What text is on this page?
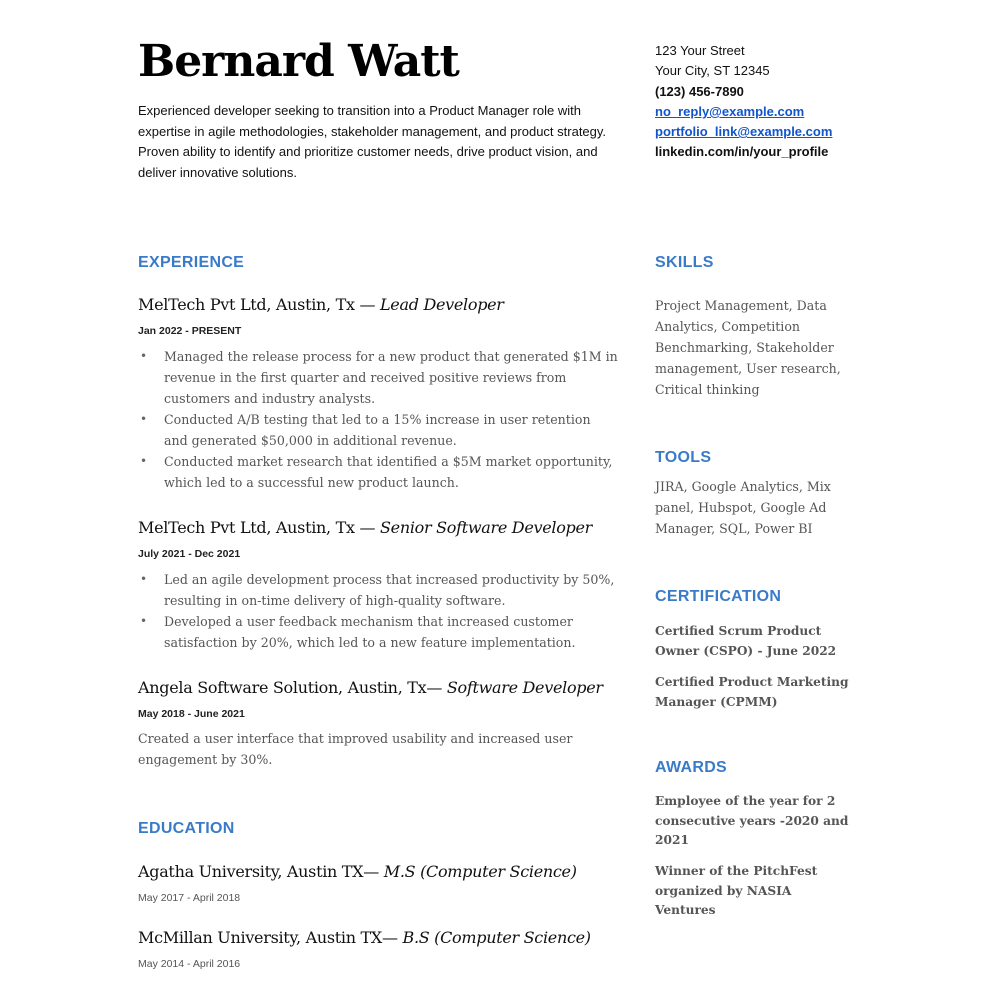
Bernard Watt
Experienced developer seeking to transition into a Product Manager role with expertise in agile methodologies, stakeholder management, and product strategy. Proven ability to identify and prioritize customer needs, drive product vision, and deliver innovative solutions.
123 Your Street
Your City, ST 12345
(123) 456-7890
no_reply@example.com
portfolio_link@example.com
linkedin.com/in/your_profile
EXPERIENCE
MelTech Pvt Ltd, Austin, Tx — Lead Developer
Jan 2022 - PRESENT
• Managed the release process for a new product that generated $1M in revenue in the first quarter and received positive reviews from customers and industry analysts.
• Conducted A/B testing that led to a 15% increase in user retention and generated $50,000 in additional revenue.
• Conducted market research that identified a $5M market opportunity, which led to a successful new product launch.
MelTech Pvt Ltd, Austin, Tx — Senior Software Developer
July 2021 - Dec 2021
• Led an agile development process that increased productivity by 50%, resulting in on-time delivery of high-quality software.
• Developed a user feedback mechanism that increased customer satisfaction by 20%, which led to a new feature implementation.
Angela Software Solution, Austin, Tx— Software Developer
May 2018 - June 2021
Created a user interface that improved usability and increased user engagement by 30%.
EDUCATION
Agatha University, Austin TX— M.S (Computer Science)
May 2017 - April 2018
McMillan University, Austin TX— B.S (Computer Science)
May 2014 - April 2016
SKILLS
Project Management, Data Analytics, Competition Benchmarking, Stakeholder management, User research, Critical thinking
TOOLS
JIRA, Google Analytics, Mix panel, Hubspot, Google Ad Manager, SQL, Power BI
CERTIFICATION
Certified Scrum Product Owner (CSPO) - June 2022
Certified Product Marketing Manager (CPMM)
AWARDS
Employee of the year for 2 consecutive years -2020 and 2021
Winner of the PitchFest organized by NASIA Ventures
